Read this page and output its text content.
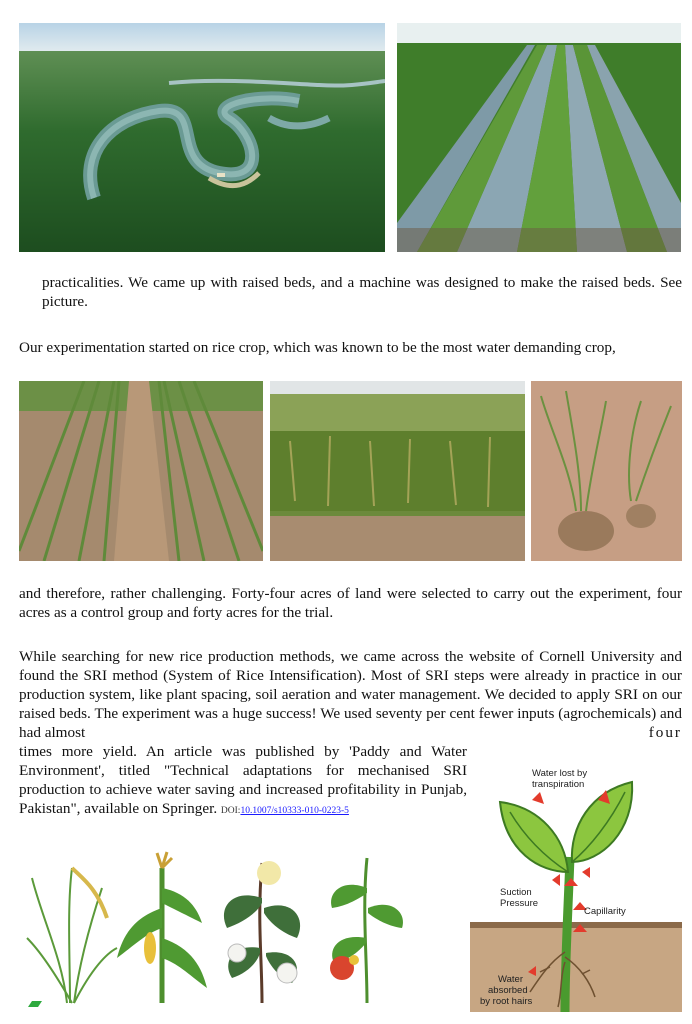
practicalities. We came up with raised beds, and a machine was designed to make the raised beds. See picture.

Our experimentation started on rice crop, which was known to be the most water demanding crop,

and therefore, rather challenging. Forty-four acres of land were selected to carry out the experiment, four acres as a control group and forty acres for the trial.

While searching for new rice production methods, we came across the website of Cornell University and found the SRI method (System of Rice Intensification). Most of SRI steps were already in practice in our production system, like plant spacing, soil aeration and water management. We decided to apply SRI on our raised beds. The experiment was a huge success! We used seventy per cent fewer inputs (agrochemicals) and had almost	four
times more yield. An article was published by 'Paddy and Water Environment', titled "Technical adaptations for mechanised SRI production to achieve water saving and increased profitability in Punjab, Pakistan", available on Springer. DOI:10.1007/s10333-010-0223-5
Water lost by
transpiration
Suction
Pressure
Capillarity
Water
absorbed
by root hairs
